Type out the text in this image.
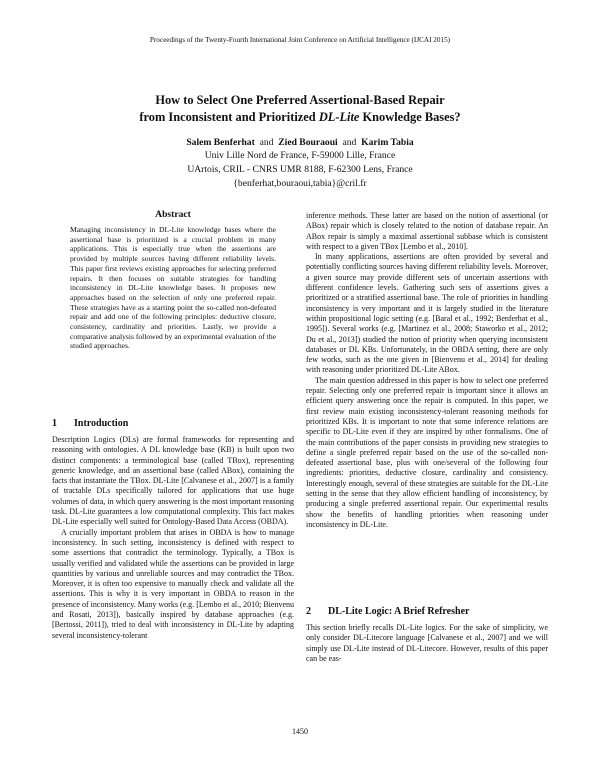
Proceedings of the Twenty-Fourth International Joint Conference on Artificial Intelligence (IJCAI 2015)
How to Select One Preferred Assertional-Based Repair
from Inconsistent and Prioritized DL-Lite Knowledge Bases?
Salem Benferhat and Zied Bouraoui and Karim Tabia
Univ Lille Nord de France, F-59000 Lille, France
UArtois, CRIL - CNRS UMR 8188, F-62300 Lens, France
{benferhat,bouraoui,tabia}@cril.fr
Abstract
Managing inconsistency in DL-Lite knowledge bases where the assertional base is prioritized is a crucial problem in many applications. This is especially true when the assertions are provided by multiple sources having different reliability levels. This paper first reviews existing approaches for selecting preferred repairs. It then focuses on suitable strategies for handling inconsistency in DL-Lite knowledge bases. It proposes new approaches based on the selection of only one preferred repair. These strategies have as a starting point the so-called non-defeated repair and add one of the following principles: deductive closure, consistency, cardinality and priorities. Lastly, we provide a comparative analysis followed by an experimental evaluation of the studied approaches.
1 Introduction

Description Logics (DLs) are formal frameworks for representing and reasoning with ontologies. A DL knowledge base (KB) is built upon two distinct components: a terminological base (called TBox), representing generic knowledge, and an assertional base (called ABox), containing the facts that instantiate the TBox. DL-Lite [Calvanese et al., 2007] is a family of tractable DLs specifically tailored for applications that use huge volumes of data, in which query answering is the most important reasoning task. DL-Lite guarantees a low computational complexity. This fact makes DL-Lite especially well suited for Ontology-Based Data Access (OBDA).

A crucially important problem that arises in OBDA is how to manage inconsistency. In such setting, inconsistency is defined with respect to some assertions that contradict the terminology. Typically, a TBox is usually verified and validated while the assertions can be provided in large quantities by various and unreliable sources and may contradict the TBox. Moreover, it is often too expensive to manually check and validate all the assertions. This is why it is very important in OBDA to reason in the presence of inconsistency. Many works (e.g. [Lembo et al., 2010; Bienvenu and Rosati, 2013]), basically inspired by database approaches (e.g. [Bertossi, 2011]), tried to deal with inconsistency in DL-Lite by adapting several inconsistency-tolerant

inference methods. These latter are based on the notion of assertional (or ABox) repair which is closely related to the notion of database repair. An ABox repair is simply a maximal assertional subbase which is consistent with respect to a given TBox [Lembo et al., 2010].

In many applications, assertions are often provided by several and potentially conflicting sources having different reliability levels. Moreover, a given source may provide different sets of uncertain assertions with different confidence levels. Gathering such sets of assertions gives a prioritized or a stratified assertional base. The role of priorities in handling inconsistency is very important and it is largely studied in the literature within propositional logic setting (e.g. [Baral et al., 1992; Benferhat et al., 1995]). Several works (e.g. [Martinez et al., 2008; Staworko et al., 2012; Du et al., 2013]) studied the notion of priority when querying inconsistent databases or DL KBs. Unfortunately, in the OBDA setting, there are only few works, such as the one given in [Bienvenu et al., 2014] for dealing with reasoning under prioritized DL-Lite ABox.

The main question addressed in this paper is how to select one preferred repair. Selecting only one preferred repair is important since it allows an efficient query answering once the repair is computed. In this paper, we first review main existing inconsistency-tolerant reasoning methods for prioritized KBs. It is important to note that some inference relations are specific to DL-Lite even if they are inspired by other formalisms. One of the main contributions of the paper consists in providing new strategies to define a single preferred repair based on the use of the so-called non-defeated assertional base, plus with one/several of the following four ingredients: priorities, deductive closure, cardinality and consistency. Interestingly enough, several of these strategies are suitable for the DL-Lite setting in the sense that they allow efficient handling of inconsistency, by producing a single preferred assertional repair. Our experimental results show the benefits of handling priorities when reasoning under inconsistency in DL-Lite.

2 DL-Lite Logic: A Brief Refresher

This section briefly recalls DL-Lite logics. For the sake of simplicity, we only consider DL-Litecore language [Calvanese et al., 2007] and we will simply use DL-Lite instead of DL-Litecore. However, results of this paper can be eas-

1450
